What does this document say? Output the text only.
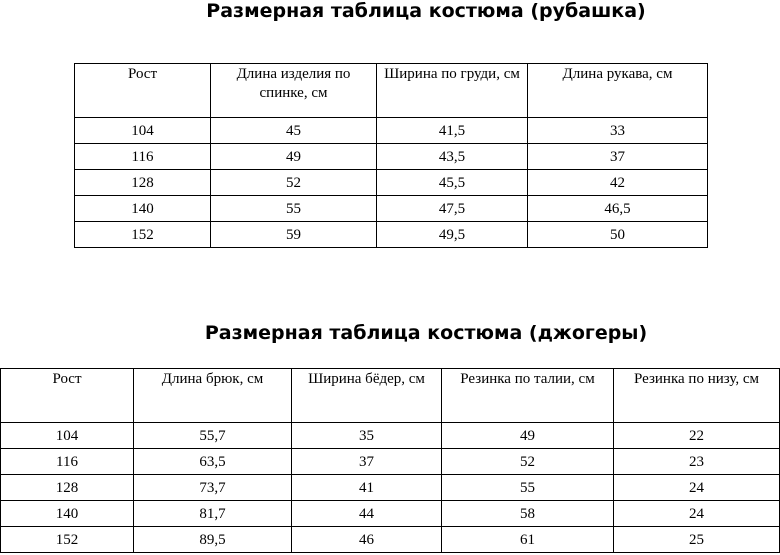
Размерная таблица костюма (рубашка)
Рост	Длина изделия по спинке, см	Ширина по груди, см	Длина рукава, см
104	45	41,5	33
116	49	43,5	37
128	52	45,5	42
140	55	47,5	46,5
152	59	49,5	50
Размерная таблица костюма (джогеры)
Рост	Длина брюк, см	Ширина бёдер, см	Резинка по талии, см	Резинка по низу, см
104	55,7	35	49	22
116	63,5	37	52	23
128	73,7	41	55	24
140	81,7	44	58	24
152	89,5	46	61	25
